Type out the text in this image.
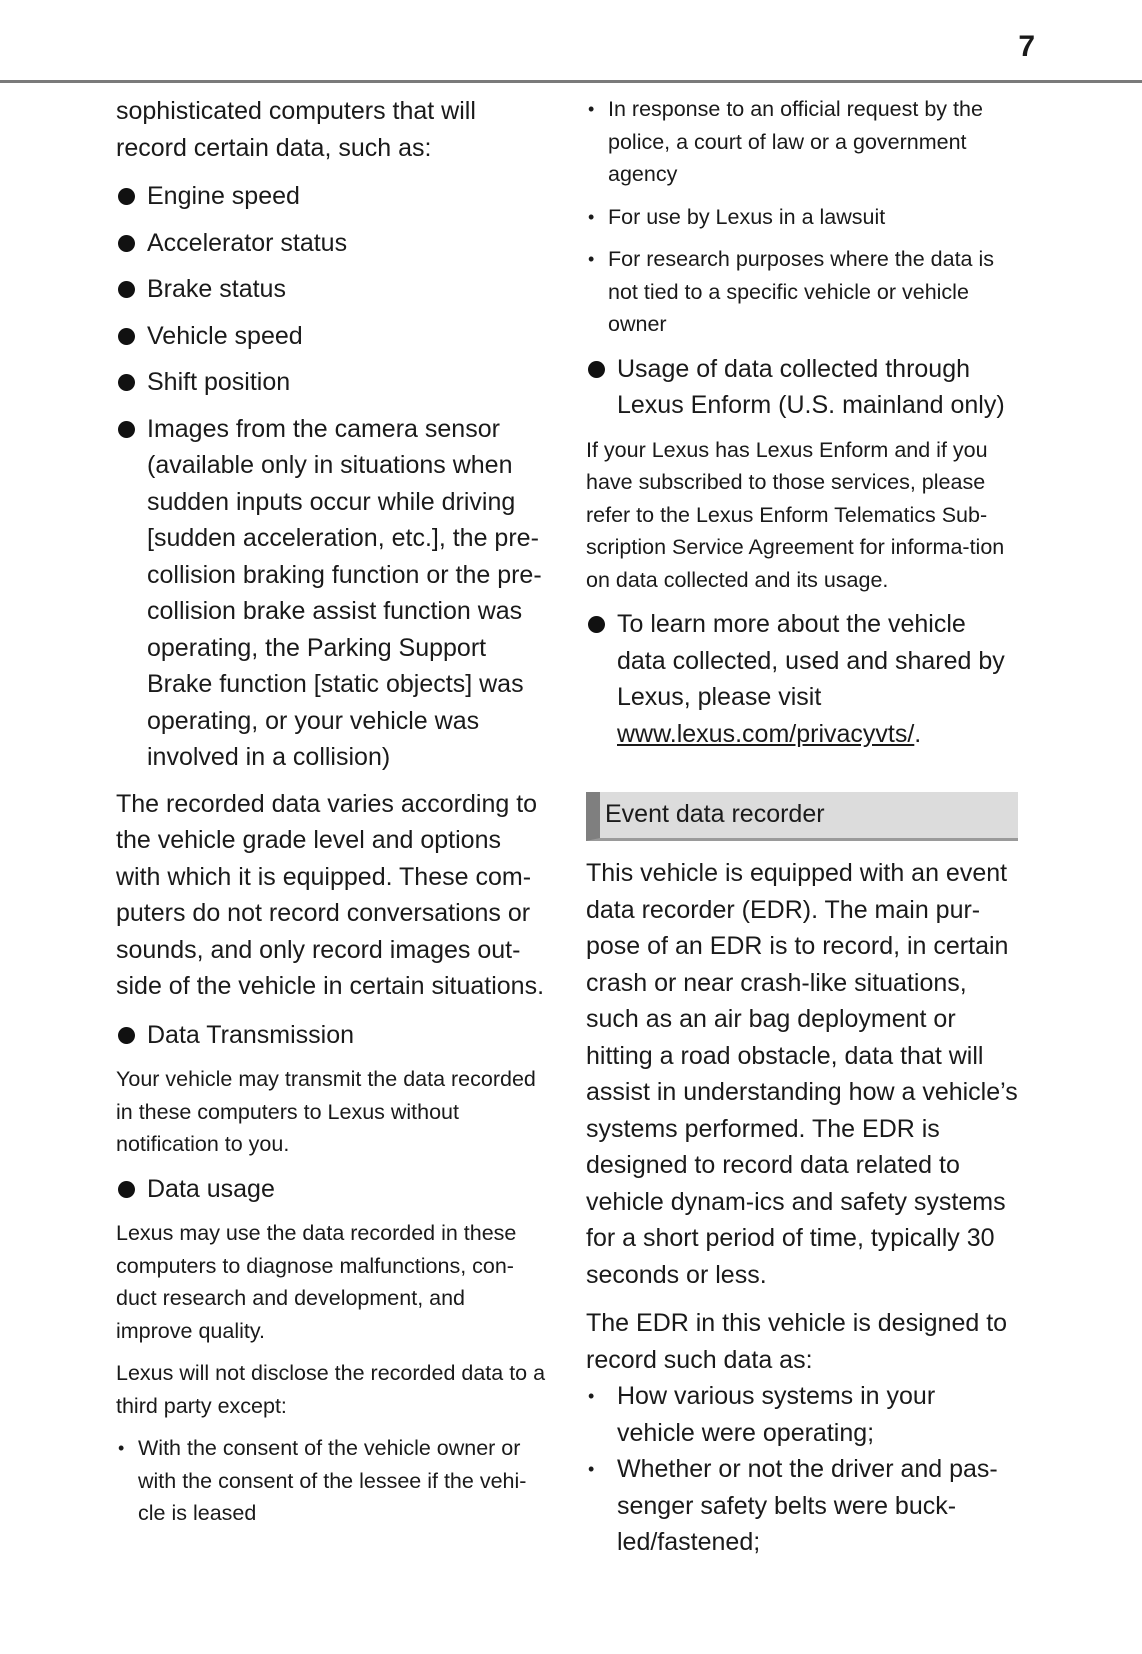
7

sophisticated computers that will record certain data, such as:

Engine speed
Accelerator status
Brake status
Vehicle speed
Shift position
Images from the camera sensor (available only in situations when sudden inputs occur while driving [sudden acceleration, etc.], the pre-collision braking function or the pre-collision brake assist function was operating, the Parking Support Brake function [static objects] was operating, or your vehicle was involved in a collision)

The recorded data varies according to the vehicle grade level and options with which it is equipped. These com-puters do not record conversations or sounds, and only record images out-side of the vehicle in certain situations.

Data Transmission

Your vehicle may transmit the data recorded in these computers to Lexus without notification to you.

Data usage

Lexus may use the data recorded in these computers to diagnose malfunctions, con-duct research and development, and improve quality.

Lexus will not disclose the recorded data to a third party except:

• With the consent of the vehicle owner or with the consent of the lessee if the vehi-cle is leased
• In response to an official request by the police, a court of law or a government agency
• For use by Lexus in a lawsuit
• For research purposes where the data is not tied to a specific vehicle or vehicle owner
Usage of data collected through Lexus Enform (U.S. mainland only)

If your Lexus has Lexus Enform and if you have subscribed to those services, please refer to the Lexus Enform Telematics Sub-scription Service Agreement for informa-tion on data collected and its usage.

To learn more about the vehicle data collected, used and shared by Lexus, please visit www.lexus.com/privacyvts/.
Event data recorder

This vehicle is equipped with an event data recorder (EDR). The main pur-pose of an EDR is to record, in certain crash or near crash-like situations, such as an air bag deployment or hitting a road obstacle, data that will assist in understanding how a vehicle’s systems performed. The EDR is designed to record data related to vehicle dynam-ics and safety systems for a short period of time, typically 30 seconds or less.

The EDR in this vehicle is designed to record such data as:

• How various systems in your vehicle were operating;
• Whether or not the driver and pas-senger safety belts were buck-led/fastened;
